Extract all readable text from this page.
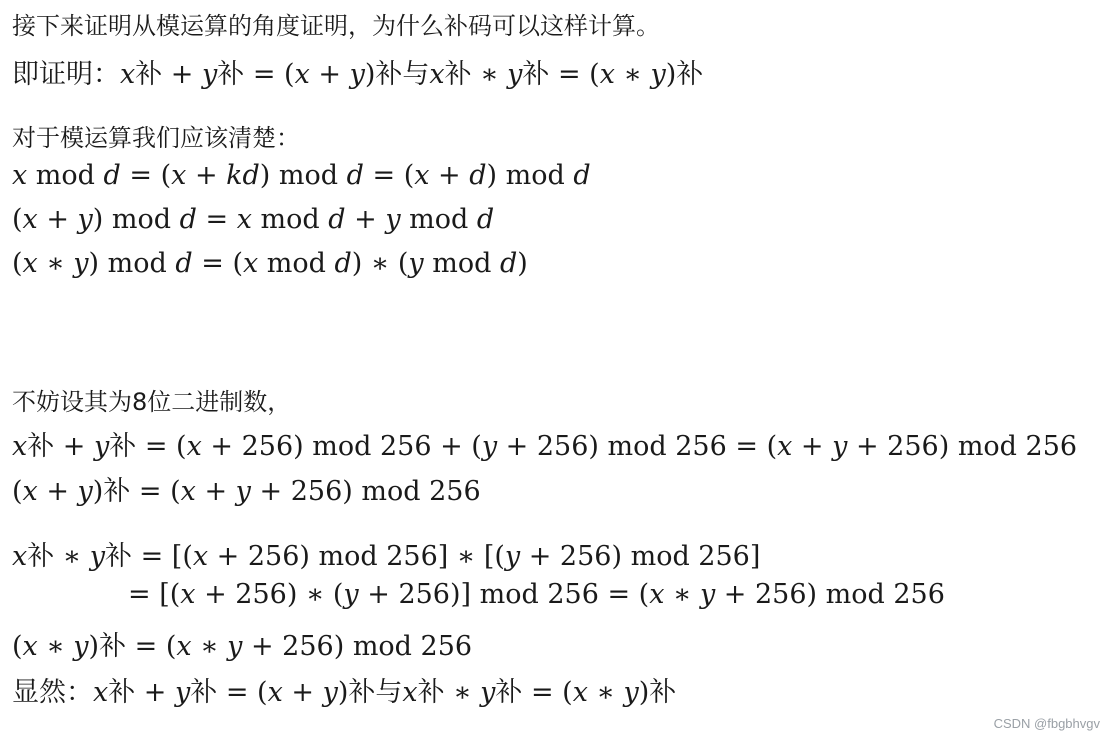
接下来证明从模运算的角度证明，为什么补码可以这样计算。
即证明：𝑥补 + 𝑦补 = (𝑥 + 𝑦)补与𝑥补 ∗ 𝑦补 = (𝑥 ∗ 𝑦)补
对于模运算我们应该清楚：
𝑥 mod 𝑑 = (𝑥 + 𝑘𝑑) mod 𝑑 = (𝑥 + 𝑑) mod 𝑑
(𝑥 + 𝑦) mod 𝑑 = 𝑥 mod 𝑑 + 𝑦 mod 𝑑
(𝑥 ∗ 𝑦) mod 𝑑 = (𝑥 mod 𝑑) ∗ (𝑦 mod 𝑑)
不妨设其为8位二进制数，
𝑥补 + 𝑦补 = (𝑥 + 256) mod 256 + (𝑦 + 256) mod 256 = (𝑥 + 𝑦 + 256) mod 256
(𝑥 + 𝑦)补 = (𝑥 + 𝑦 + 256) mod 256
𝑥补 ∗ 𝑦补 = [(𝑥 + 256) mod 256] ∗ [(𝑦 + 256) mod 256]
= [(𝑥 + 256) ∗ (𝑦 + 256)] mod 256 = (𝑥 ∗ 𝑦 + 256) mod 256
(𝑥 ∗ 𝑦)补 = (𝑥 ∗ 𝑦 + 256) mod 256
显然：𝑥补 + 𝑦补 = (𝑥 + 𝑦)补与𝑥补 ∗ 𝑦补 = (𝑥 ∗ 𝑦)补
CSDN @fbgbhvgv
